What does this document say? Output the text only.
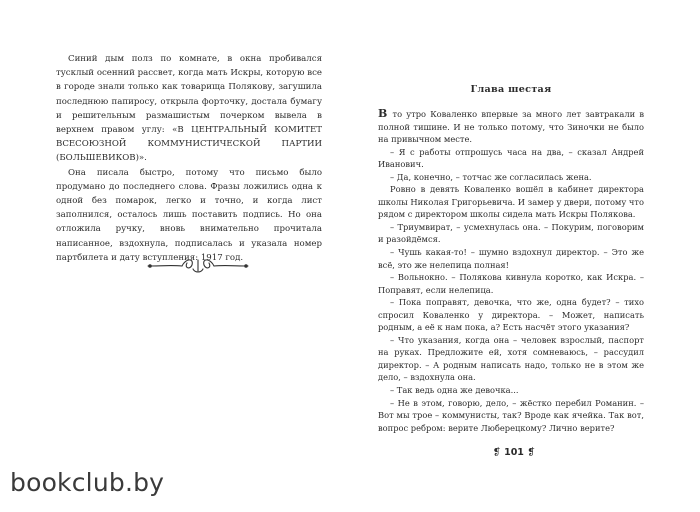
Синий дым полз по комнате, в окна пробивался тусклый осенний рассвет, когда мать Искры, которую все в городе знали только как товарища Полякову, загушила последнюю папиросу, открыла форточку, достала бумагу и решительным размашистым почерком вывела в верхнем правом углу: «В ЦЕНТРАЛЬНЫЙ КОМИТЕТ ВСЕСОЮЗНОЙ КОММУНИСТИЧЕСКОЙ ПАРТИИ (БОЛЬШЕВИКОВ)».

Она писала быстро, потому что письмо было продумано до последнего слова. Фразы ложились одна к одной без помарок, легко и точно, и когда лист заполнился, осталось лишь поставить подпись. Но она отложила ручку, вновь внимательно прочитала написанное, вздохнула, подписалась и указала номер партбилета и дату вступления: 1917 год.

Глава шестая

В то утро Коваленко впервые за много лет завтракали в полной тишине. И не только потому, что Зиночки не было на привычном месте.

– Я с работы отпрошусь часа на два, – сказал Андрей Иванович.

– Да, конечно, – тотчас же согласилась жена.

Ровно в девять Коваленко вошёл в кабинет директора школы Николая Григорьевича. И замер у двери, потому что рядом с директором школы сидела мать Искры Полякова.

– Триумвират, – усмехнулась она. – Покурим, поговорим и разойдёмся.

– Чушь какая-то! – шумно вздохнул директор. – Это же всё, это же нелепица полная!

– Вольнокно. – Полякова кивнула коротко, как Искра. – Поправят, если нелепица.

– Пока поправят, девочка, что же, одна будет? – тихо спросил Коваленко у директора. – Может, написать родным, а её к нам пока, а? Есть насчёт этого указания?

– Что указания, когда она – человек взрослый, паспорт на руках. Предложите ей, хотя сомневаюсь, – рассудил директор. – А родным написать надо, только не в этом же дело, – вздохнула она.

– Так ведь одна же девочка...

– Не в этом, говорю, дело, – жёстко перебил Романин. – Вот мы трое – коммунисты, так? Вроде как ячейка. Так вот, вопрос ребром: верите Люберецкому? Лично верите?

❡ 101 ❡
bookclub.by
